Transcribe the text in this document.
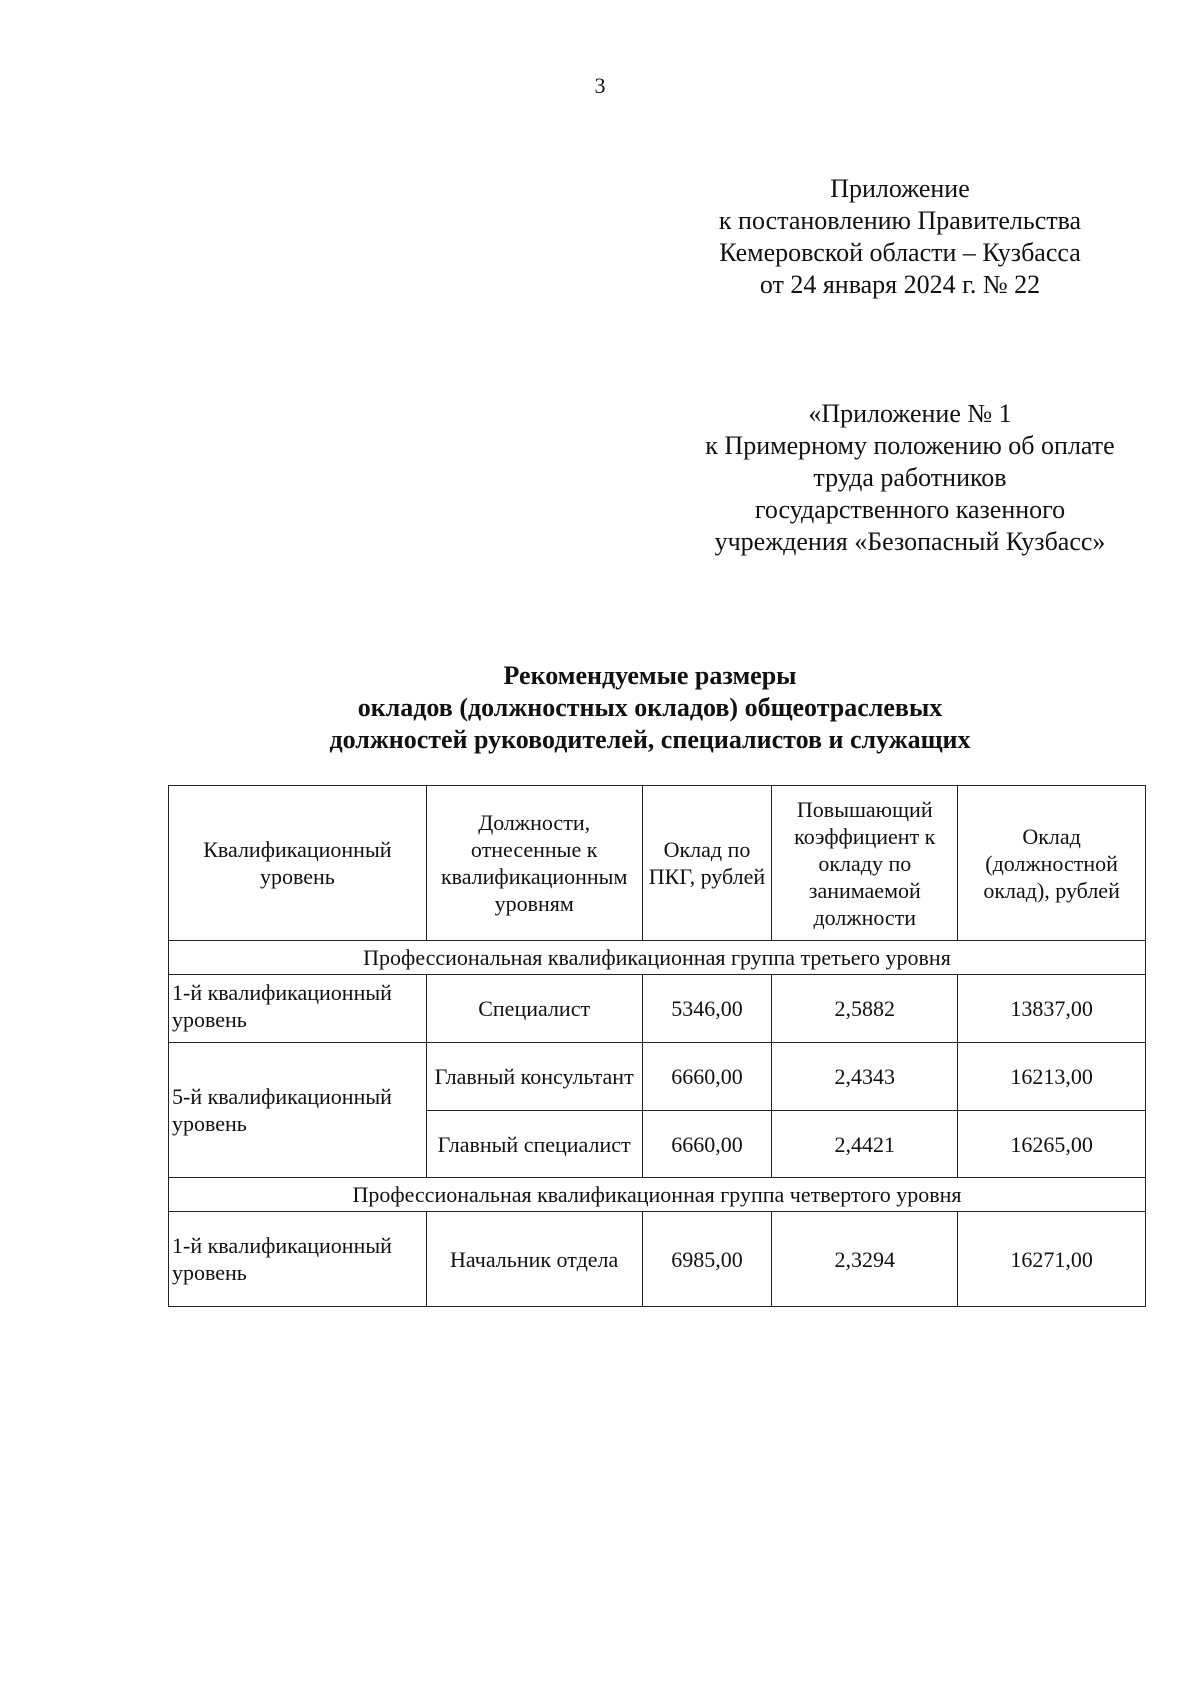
3
Приложение
к постановлению Правительства
Кемеровской области – Кузбасса
от 24 января 2024 г. № 22
«Приложение № 1
к Примерному положению об оплате
труда работников
государственного казенного
учреждения «Безопасный Кузбасс»
Рекомендуемые размеры
окладов (должностных окладов) общеотраслевых
должностей руководителей, специалистов и служащих
Квалификационный уровень	Должности, отнесенные к квалификационным уровням	Оклад по ПКГ, рублей	Повышающий коэффициент к окладу по занимаемой должности	Оклад (должностной оклад), рублей
Профессиональная квалификационная группа третьего уровня				
1-й квалификационный уровень	Специалист	5346,00	2,5882	13837,00
5-й квалификационный уровень	Главный консультант	6660,00	2,4343	16213,00
	Главный специалист	6660,00	2,4421	16265,00
Профессиональная квалификационная группа четвертого уровня				
1-й квалификационный уровень	Начальник отдела	6985,00	2,3294	16271,00
